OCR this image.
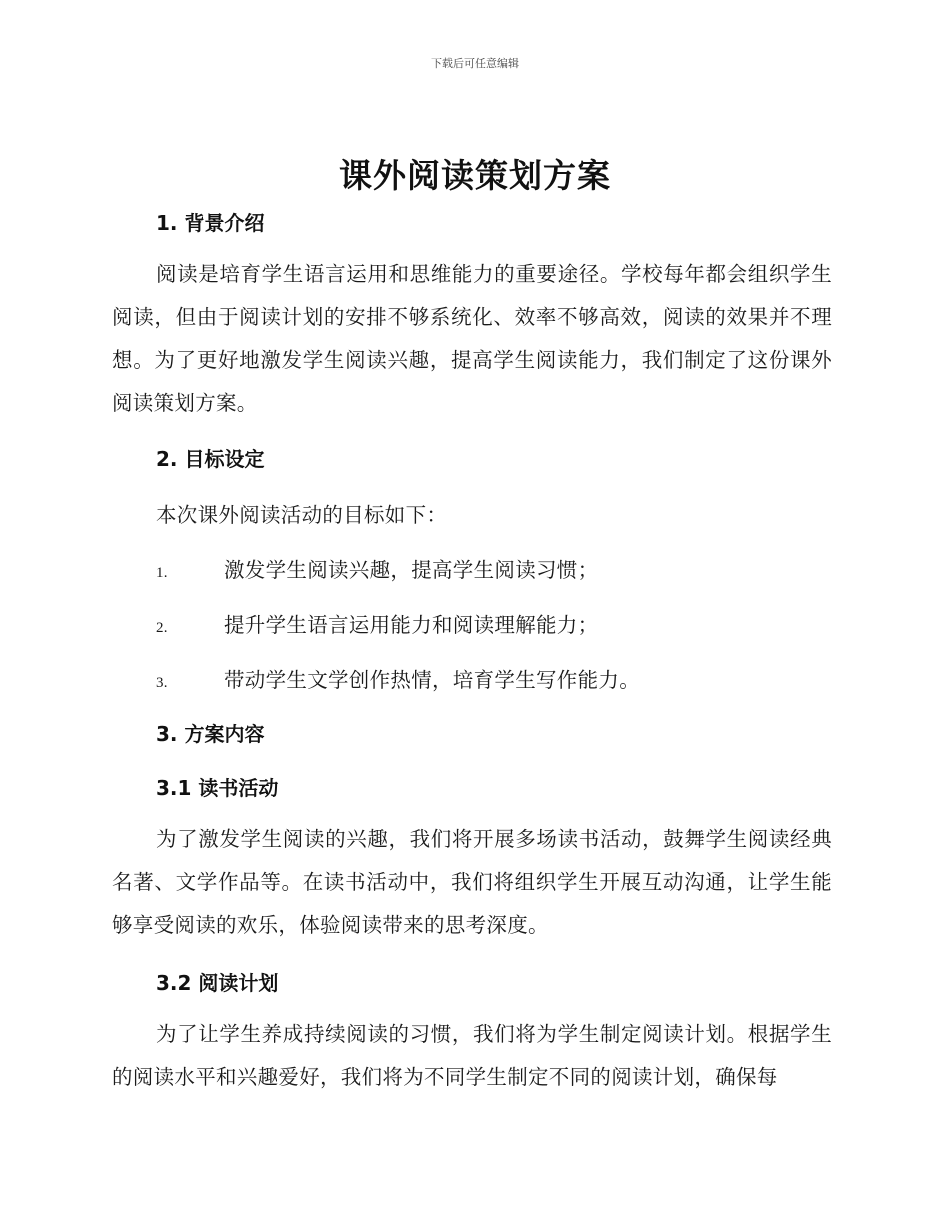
下载后可任意编辑
课外阅读策划方案
1. 背景介绍
阅读是培育学生语言运用和思维能力的重要途径。学校每年都会组织学生阅读，但由于阅读计划的安排不够系统化、效率不够高效，阅读的效果并不理想。为了更好地激发学生阅读兴趣，提高学生阅读能力，我们制定了这份课外阅读策划方案。
2. 目标设定
本次课外阅读活动的目标如下：
1.	激发学生阅读兴趣，提高学生阅读习惯；
2.	提升学生语言运用能力和阅读理解能力；
3.	带动学生文学创作热情，培育学生写作能力。
3. 方案内容
3.1 读书活动
为了激发学生阅读的兴趣，我们将开展多场读书活动，鼓舞学生阅读经典名著、文学作品等。在读书活动中，我们将组织学生开展互动沟通，让学生能够享受阅读的欢乐，体验阅读带来的思考深度。
3.2 阅读计划
为了让学生养成持续阅读的习惯，我们将为学生制定阅读计划。根据学生的阅读水平和兴趣爱好，我们将为不同学生制定不同的阅读计划，确保每
